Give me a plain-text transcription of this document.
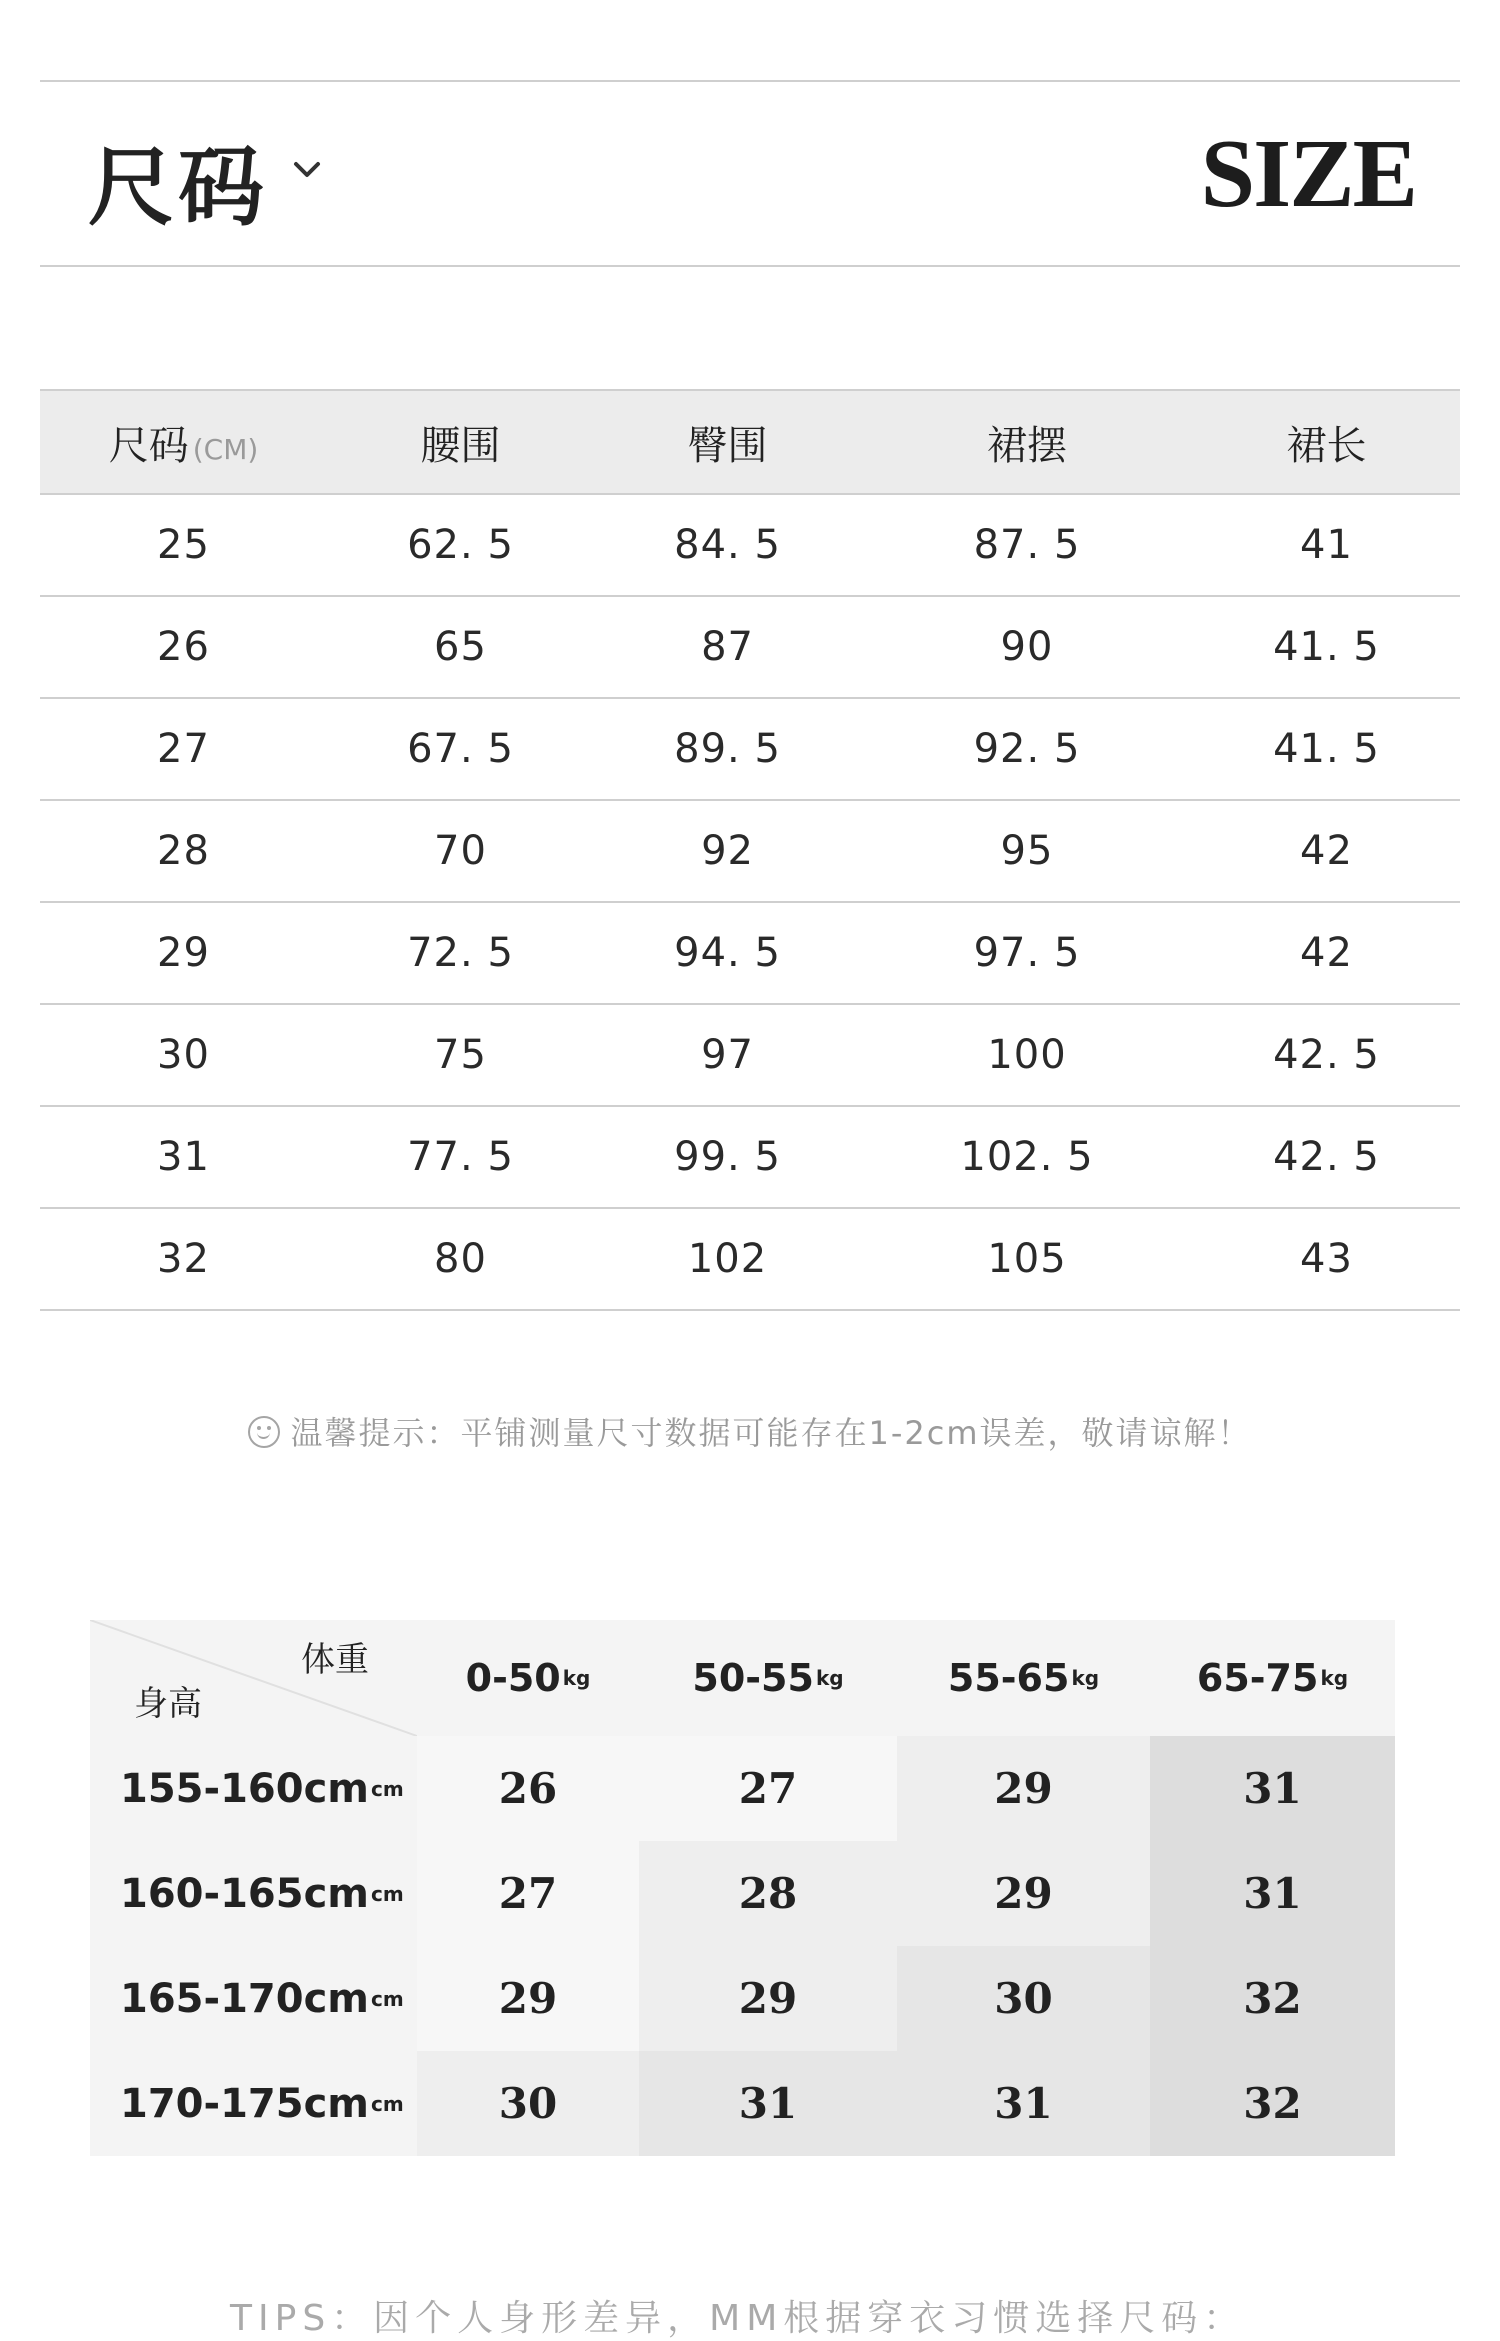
尺码	SIZE
尺码 (CM)	腰围	臀围	裙摆	裙长
25	62. 5	84. 5	87. 5	41
26	65	87	90	41. 5
27	67. 5	89. 5	92. 5	41. 5
28	70	92	95	42
29	72. 5	94. 5	97. 5	42
30	75	97	100	42. 5
31	77. 5	99. 5	102. 5	42. 5
32	80	102	105	43
温馨提示：平铺测量尺寸数据可能存在1-2cm误差，敬请谅解！
体重
身高
0-50 kg	50-55 kg	55-65 kg	65-75 kg
155-160cm cm	26	27	29	31
160-165cm cm	27	28	29	31
165-170cm cm	29	29	30	32
170-175cm cm	30	31	31	32
TIPS：因个人身形差异，MM根据穿衣习惯选择尺码：
